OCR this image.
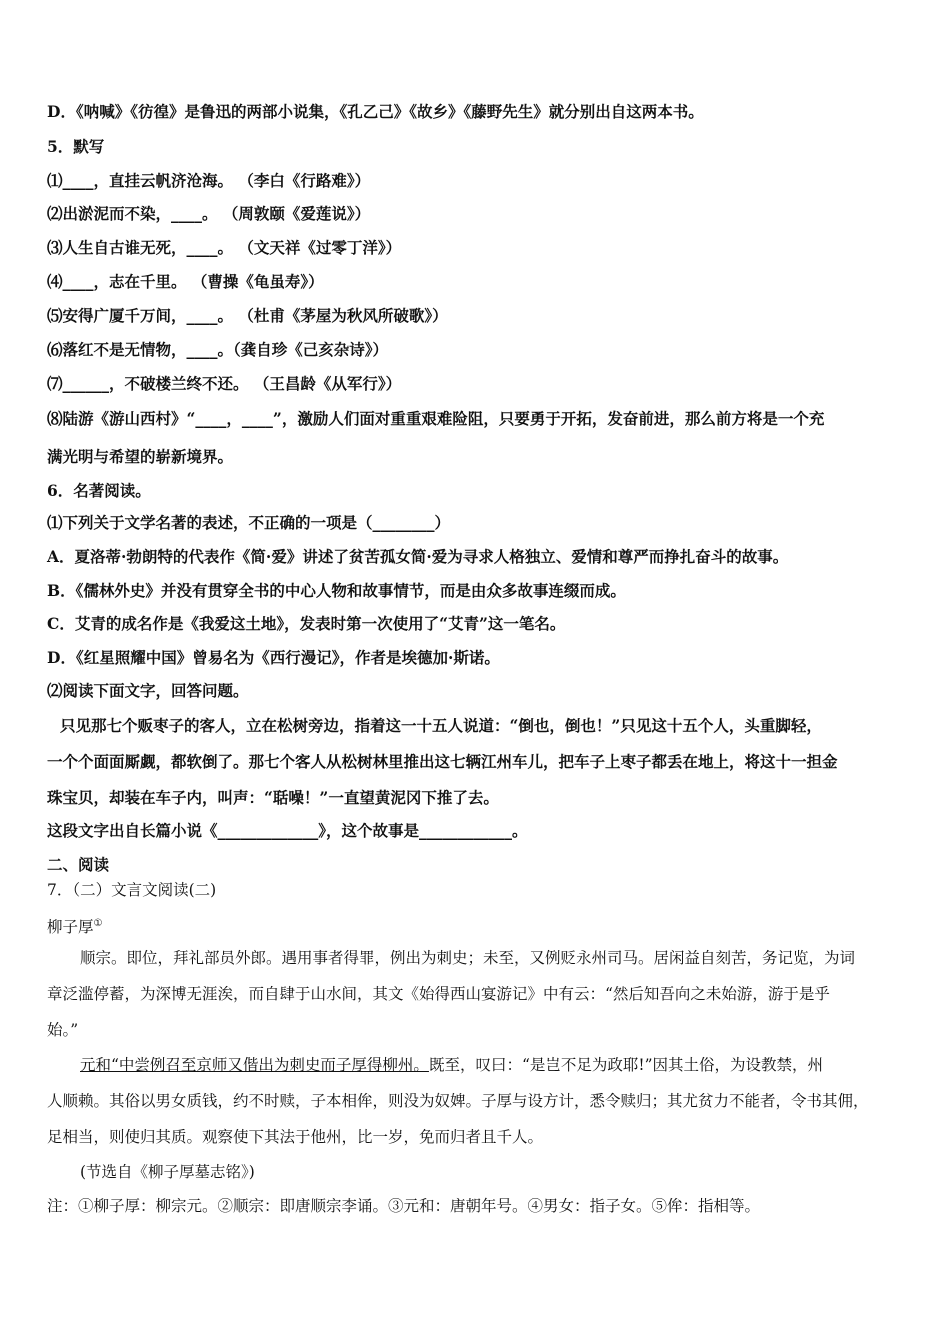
D．《呐喊》《彷徨》是鲁迅的两部小说集，《孔乙己》《故乡》《藤野先生》就分别出自这两本书。
5．默写
⑴____，直挂云帆济沧海。 （李白《行路难》）
⑵出淤泥而不染，____。 （周敦颐《爱莲说》）
⑶人生自古谁无死，____。 （文天祥《过零丁洋》）
⑷____，志在千里。 （曹操《龟虽寿》）
⑸安得广厦千万间，____。 （杜甫《茅屋为秋风所破歌》）
⑹落红不是无情物，____。（龚自珍《己亥杂诗》）
⑺______，不破楼兰终不还。 （王昌龄《从军行》）
⑻陆游《游山西村》“____，____”，激励人们面对重重艰难险阻，只要勇于开拓，发奋前进，那么前方将是一个充
满光明与希望的崭新境界。
6．名著阅读。
⑴下列关于文学名著的表述，不正确的一项是（________）
A．夏洛蒂·勃朗特的代表作《简·爱》讲述了贫苦孤女简·爱为寻求人格独立、爱情和尊严而挣扎奋斗的故事。
B．《儒林外史》并没有贯穿全书的中心人物和故事情节，而是由众多故事连缀而成。
C．艾青的成名作是《我爱这土地》，发表时第一次使用了“艾青”这一笔名。
D．《红星照耀中国》曾易名为《西行漫记》，作者是埃德加·斯诺。
⑵阅读下面文字，回答问题。
只见那七个贩枣子的客人，立在松树旁边，指着这一十五人说道：“倒也，倒也！”只见这十五个人，头重脚轻，
一个个面面厮觑，都软倒了。那七个客人从松树林里推出这七辆江州车儿，把车子上枣子都丢在地上，将这十一担金
珠宝贝，却装在车子内，叫声：“聒噪！”一直望黄泥冈下推了去。
这段文字出自长篇小说《_____________》，这个故事是____________。
二、阅读
7．（二）文言文阅读(二)
柳子厚①
顺宗。即位，拜礼部员外郎。遇用事者得罪，例出为刺史；未至，又例贬永州司马。居闲益自刻苦，务记览，为词
章泛滥停蓄，为深博无涯涘，而自肆于山水间，其文《始得西山宴游记》中有云：“然后知吾向之未始游，游于是乎
始。”
元和“中尝例召至京师又偕出为刺史而子厚得柳州。既至，叹曰：“是岂不足为政耶!”因其土俗，为设教禁，州
人顺赖。其俗以男女质钱，约不时赎，子本相侔，则没为奴婢。子厚与设方计，悉令赎归；其尤贫力不能者，令书其佣，
足相当，则使归其质。观察使下其法于他州，比一岁，免而归者且千人。
(节选自《柳子厚墓志铭》)
注：①柳子厚：柳宗元。②顺宗：即唐顺宗李诵。③元和：唐朝年号。④男女：指子女。⑤侔：指相等。
